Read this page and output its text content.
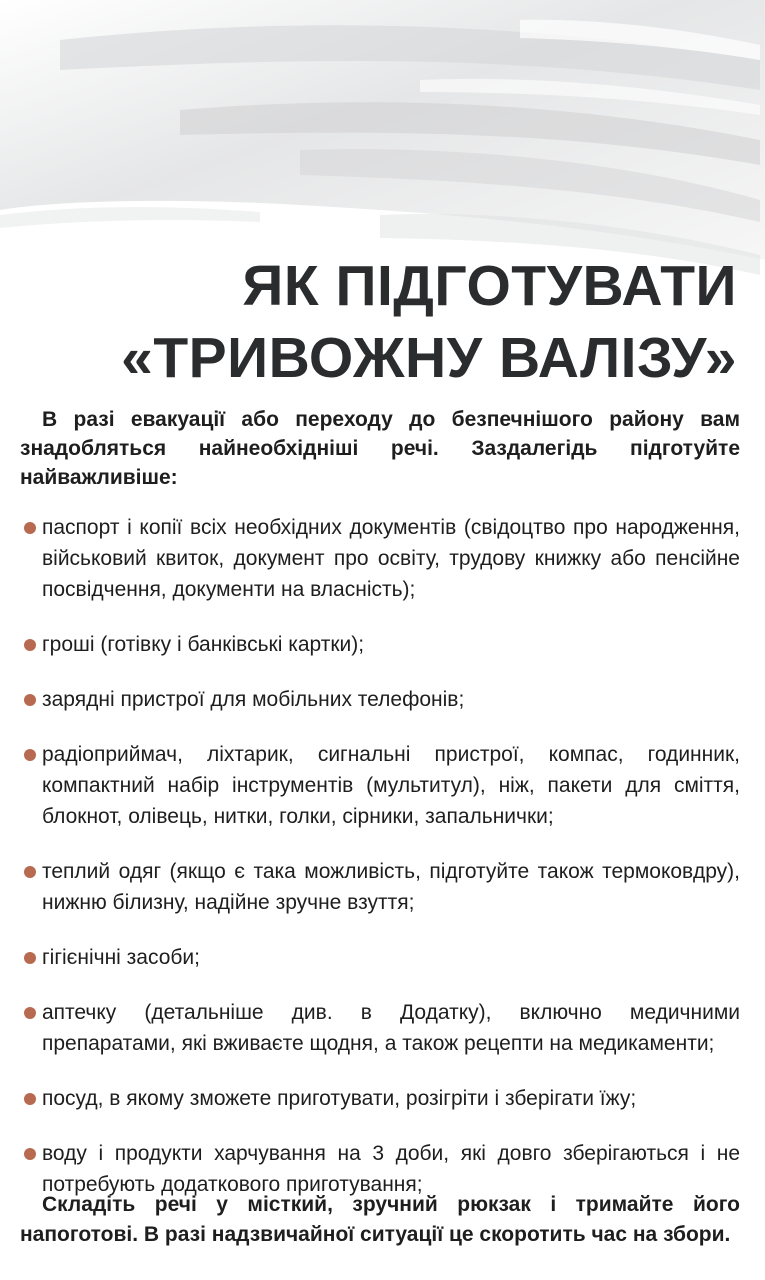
ЯК ПІДГОТУВАТИ
«ТРИВОЖНУ ВАЛІЗУ»

В разі евакуації або переходу до безпечнішого району вам знадобляться найнеобхідніші речі. Заздалегідь підготуйте найважливіше:

паспорт і копії всіх необхідних документів (свідоцтво про народження, військовий квиток, документ про освіту, трудову книжку або пенсійне посвідчення, документи на власність);
гроші (готівку і банківські картки);
зарядні пристрої для мобільних телефонів;
радіоприймач, ліхтарик, сигнальні пристрої, компас, годинник, компактний набір інструментів (мультитул), ніж, пакети для сміття, блокнот, олівець, нитки, голки, сірники, запальнички;
теплий одяг (якщо є така можливість, підготуйте також термоковдру), нижню білизну, надійне зручне взуття;
гігієнічні засоби;
аптечку (детальніше див. в Додатку), включно медичними препаратами, які вживаєте щодня, а також рецепти на медикаменти;
посуд, в якому зможете приготувати, розігріти і зберігати їжу;
воду і продукти харчування на 3 доби, які довго зберігаються і не потребують додаткового приготування;

Складіть речі у місткий, зручний рюкзак і тримайте його напоготові. В разі надзвичайної ситуації це скоротить час на збори.
